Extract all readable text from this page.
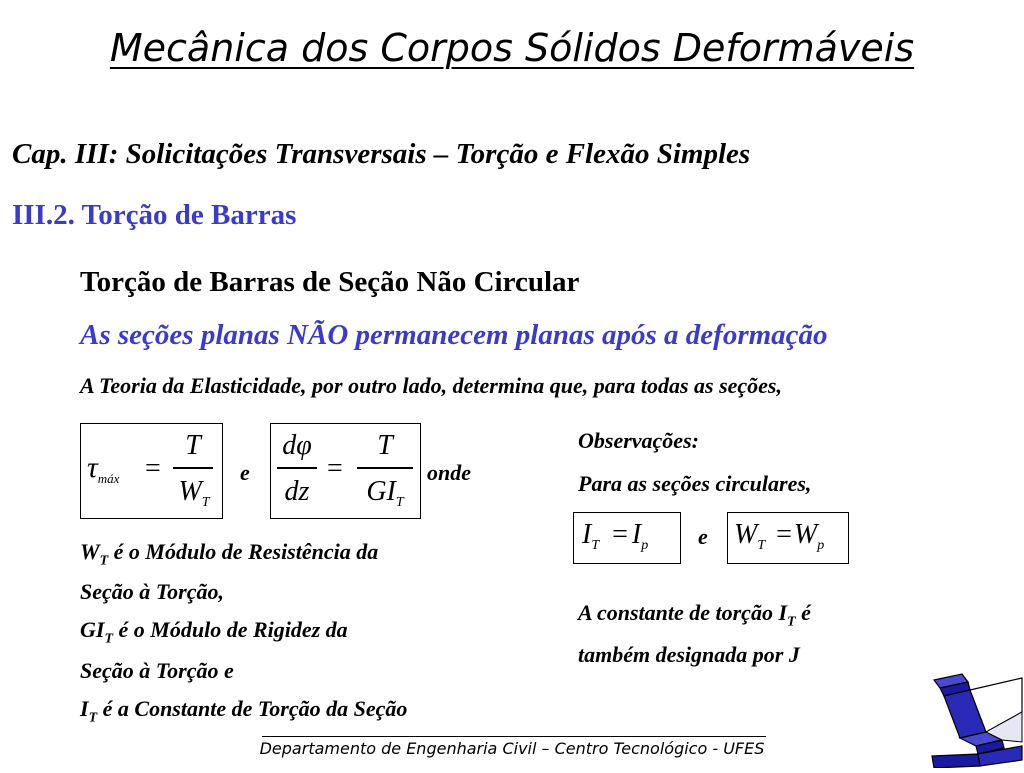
Mecânica dos Corpos Sólidos Deformáveis
Cap. III: Solicitações Transversais – Torção e Flexão Simples
III.2. Torção de Barras
Torção de Barras de Seção Não Circular
As seções planas NÃO permanecem planas após a deformação
A Teoria da Elasticidade, por outro lado, determina que, para todas as seções,
$\tau_{máx}$ =
T
$W_T$
e
dφ
dz
=
T
$GI_T$
onde
$W_T$ é o Módulo de Resistência da
Seção à Torção,
$GI_T$ é o Módulo de Rigidez da
Seção à Torção e
$I_T$ é a Constante de Torção da Seção
Observações:
Para as seções circulares,
$I_T = I_p$ e $W_T =W_p$
A constante de torção $I_T$ é
também designada por J
Departamento de Engenharia Civil – Centro Tecnológico - UFES
